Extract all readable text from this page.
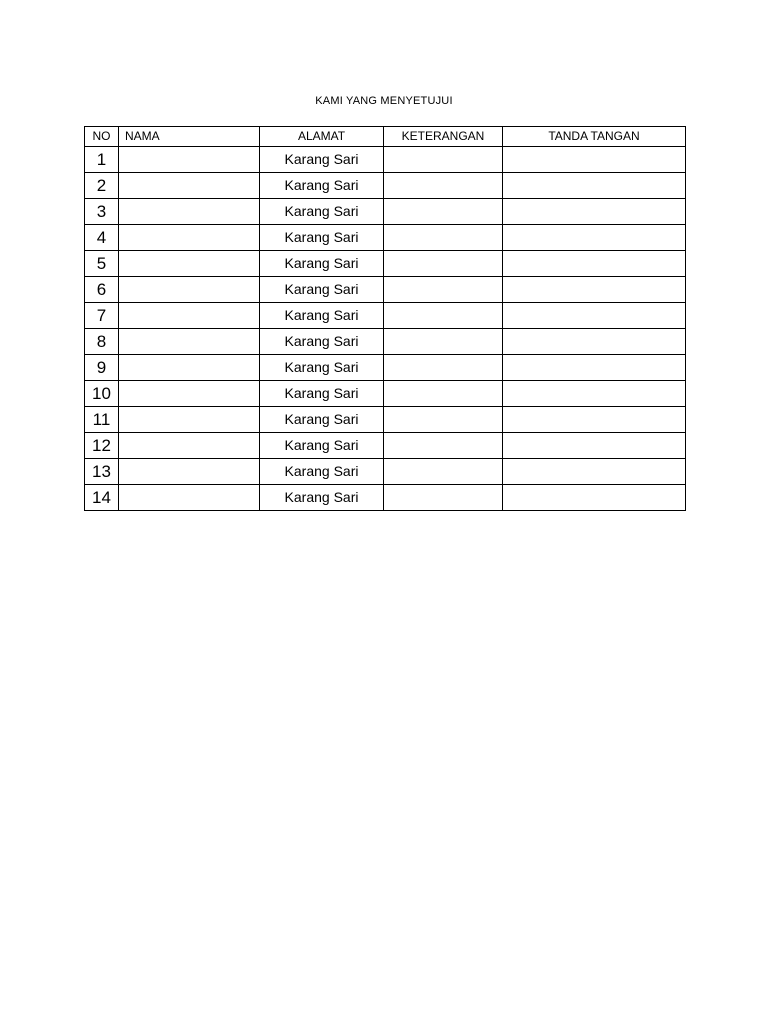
KAMI YANG MENYETUJUI
NO	NAMA	ALAMAT	KETERANGAN	TANDA TANGAN
1		Karang Sari		
2		Karang Sari		
3		Karang Sari		
4		Karang Sari		
5		Karang Sari		
6		Karang Sari		
7		Karang Sari		
8		Karang Sari		
9		Karang Sari		
10		Karang Sari		
11		Karang Sari		
12		Karang Sari		
13		Karang Sari		
14		Karang Sari		
